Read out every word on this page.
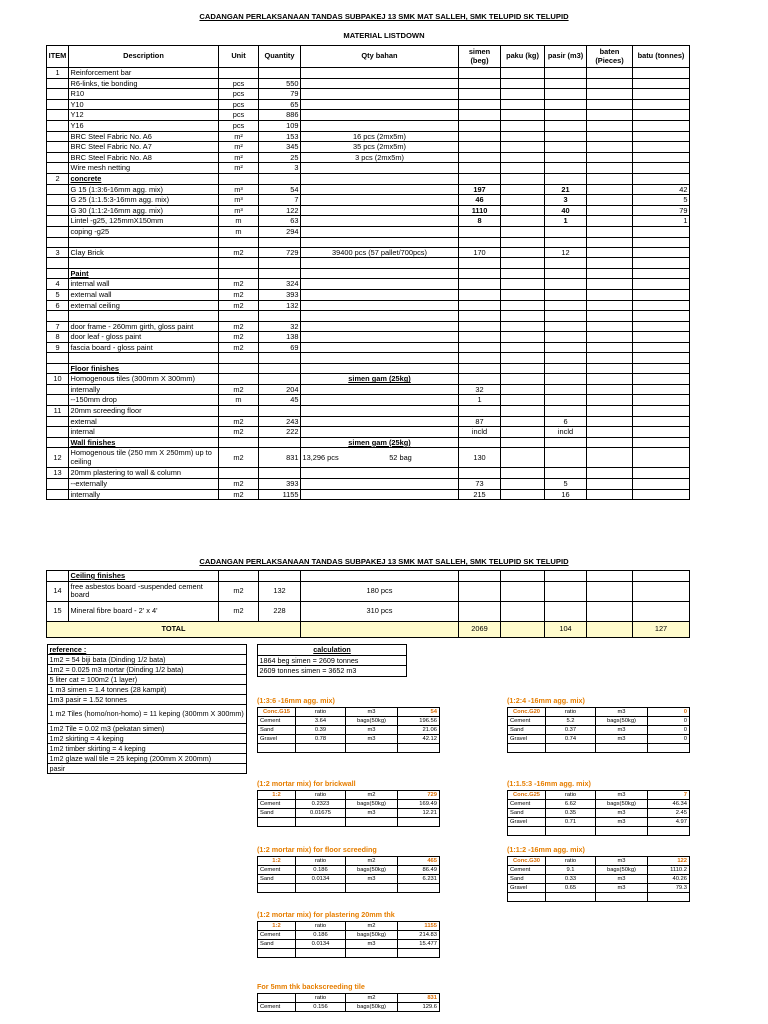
CADANGAN PERLAKSANAAN TANDAS SUBPAKEJ 13 SMK MAT SALLEH, SMK TELUPID SK TELUPID
MATERIAL LISTDOWN
ITEM	Description	Unit	Quantity	Qty bahan	simen (beg)	paku (kg)	pasir (m3)	baten (Pieces)	batu (tonnes)
1	Reinforcement bar								
	R6-links, tie bonding	pcs	550						
	R10	pcs	79						
	Y10	pcs	65						
	Y12	pcs	886						
	Y16	pcs	109						
	BRC Steel Fabric No. A6	m²	153	16 pcs (2mx5m)					
	BRC Steel Fabric No. A7	m²	345	35 pcs (2mx5m)					
	BRC Steel Fabric No. A8	m²	25	3 pcs (2mx5m)					
	Wire mesh netting	m²	3						
2	concrete								
	G 15 (1:3:6-16mm agg. mix)	m³	54		197		21		42
	G 25 (1:1.5:3-16mm agg. mix)	m³	7		46		3		5
	G 30 (1:1:2-16mm agg. mix)	m³	122		1110		40		79
	Lintel -g25, 125mmX150mm	m	63		8		1		1
	coping -g25	m	294						

3	Clay Brick	m2	729	39400 pcs (57 pallet/700pcs)	170		12		

	Paint								
4	internal wall	m2	324						
5	external wall	m2	393						
6	external ceiling	m2	132						

7	door frame - 260mm girth, gloss paint	m2	32						
8	door leaf - gloss paint	m2	138						
9	fascia board - gloss paint	m2	69						

	Floor finishes								
10	Homogenous tiles (300mm X 300mm)			simen gam (25kg)					
	internally	m2	204		32				
	--150mm drop	m	45		1				
11	20mm screeding floor								
	external	m2	243		87		6		
	internal	m2	222		incld		incld		
	Wall finishes			simen gam (25kg)					
12	Homogenous tile (250 mm X 250mm) up to ceiling	m2	831	13,296 pcs 52 bag	130				
13	20mm plastering to wall & column								
	--externally	m2	393		73		5		
	internally	m2	1155		215		16		
CADANGAN PERLAKSANAAN TANDAS SUBPAKEJ 13 SMK MAT SALLEH, SMK TELUPID SK TELUPID
	Ceiling finishes								
14	free asbestos board -suspended cement board	m2	132	180 pcs					
15	Mineral fibre board - 2' x 4'	m2	228	310 pcs					
TOTAL					2069		104		127
reference :
1m2 = 54 biji bata (Dinding 1/2 bata)
1m2 = 0.025 m3 mortar (Dinding 1/2 bata)
5 liter cat = 100m2 (1 layer)
1 m3 simen = 1.4 tonnes (28 kampit)
1m3 pasir = 1.52 tonnes
1 m2 Tiles (homo/non-homo) = 11 keping (300mm X 300mm)
1m2 Tile = 0.02 m3 (pekatan simen)
1m2 skirting = 4 keping
1m2 timber skirting = 4 keping
1m2 glaze wall tile = 25 keping (200mm X 200mm)
pasir
calculation
1864 beg simen = 2609 tonnes
2609 tonnes simen = 3652 m3
(1:3:6 -16mm agg. mix)
Conc.G15	ratio	m3	54
Cement	3.64	bags(50kg)	196.56
Sand	0.39	m3	21.06
Gravel	0.78	m3	42.12

(1:2:4 -16mm agg. mix)
Conc.G20	ratio	m3	0
Cement	5.2	bags(50kg)	0
Sand	0.37	m3	0
Gravel	0.74	m3	0

(1:2 mortar mix) for brickwall
1:2	ratio	m2	729
Cement	0.2323	bags(50kg)	169.49
Sand	0.01675	m3	12.21

(1:1.5:3 -16mm agg. mix)
Conc.G25	ratio	m3	7
Cement	6.62	bags(50kg)	46.34
Sand	0.35	m3	2.45
Gravel	0.71	m3	4.97

(1:2 mortar mix) for floor screeding
1:2	ratio	m2	465
Cement	0.186	bags(50kg)	86.49
Sand	0.0134	m3	6.231

(1:1:2 -16mm agg. mix)
Conc.G30	ratio	m3	122
Cement	9.1	bags(50kg)	1110.2
Sand	0.33	m3	40.26
Gravel	0.65	m3	79.3

(1:2 mortar mix) for plastering 20mm thk
1:2	ratio	m2	1155
Cement	0.186	bags(50kg)	214.83
Sand	0.0134	m3	15.477

For 5mm thk backscreeding tile
	ratio	m2	831
Cement	0.156	bags(50kg)	129.6
